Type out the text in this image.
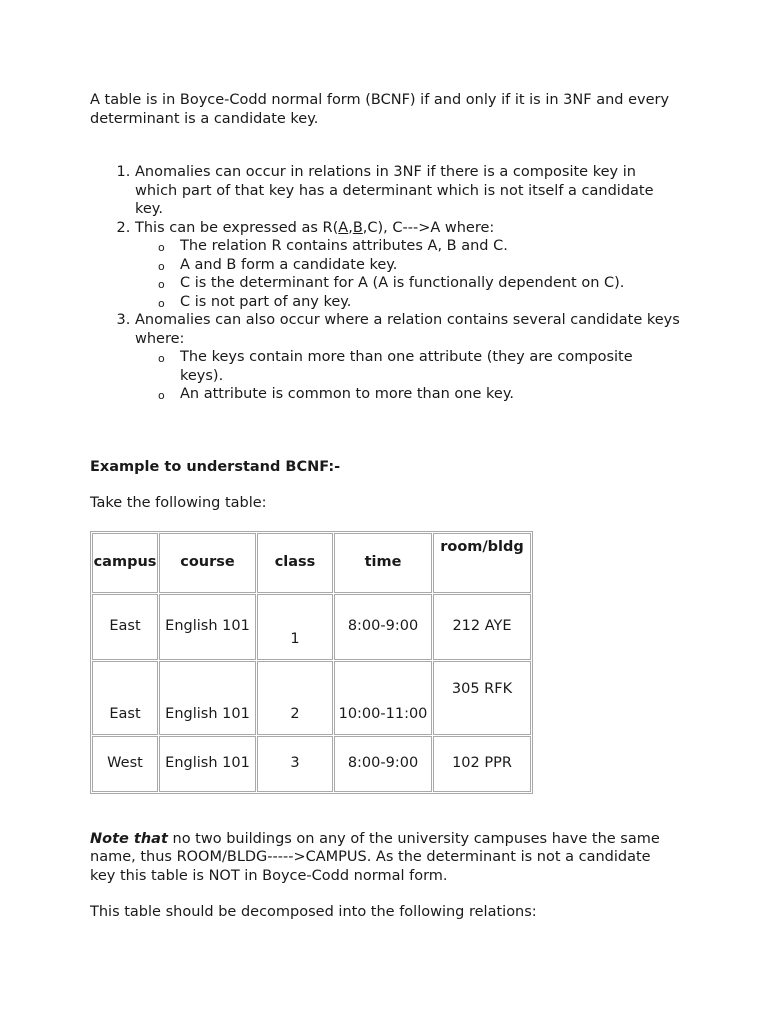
A table is in Boyce-Codd normal form (BCNF) if and only if it is in 3NF and every determinant is a candidate key.

1. Anomalies can occur in relations in 3NF if there is a composite key in which part of that key has a determinant which is not itself a candidate key.
2. This can be expressed as R(A,B,C), C--->A where:
o The relation R contains attributes A, B and C.
o A and B form a candidate key.
o C is the determinant for A (A is functionally dependent on C).
o C is not part of any key.
3. Anomalies can also occur where a relation contains several candidate keys where:
o The keys contain more than one attribute (they are composite keys).
o An attribute is common to more than one key.

Example to understand BCNF:-

Take the following table:

campus	course	class	time	room/bldg
East	English 101	1	8:00-9:00	212 AYE
East	English 101	2	10:00-11:00	305 RFK
West	English 101	3	8:00-9:00	102 PPR

Note that no two buildings on any of the university campuses have the same name, thus ROOM/BLDG----->CAMPUS. As the determinant is not a candidate key this table is NOT in Boyce-Codd normal form.

This table should be decomposed into the following relations:
